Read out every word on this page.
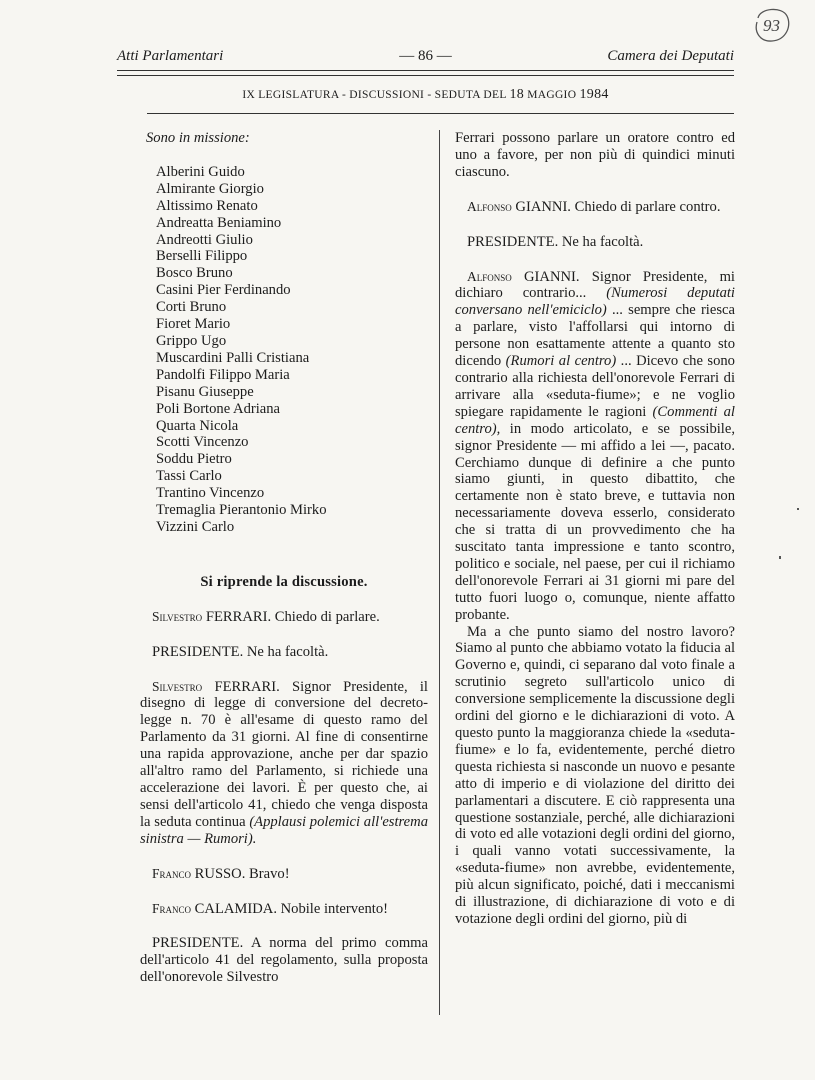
93
Atti Parlamentari	— 86 —	Camera dei Deputati
IX LEGISLATURA - DISCUSSIONI - SEDUTA DEL 18 MAGGIO 1984

Sono in missione:

Alberini Guido
Almirante Giorgio
Altissimo Renato
Andreatta Beniamino
Andreotti Giulio
Berselli Filippo
Bosco Bruno
Casini Pier Ferdinando
Corti Bruno
Fioret Mario
Grippo Ugo
Muscardini Palli Cristiana
Pandolfi Filippo Maria
Pisanu Giuseppe
Poli Bortone Adriana
Quarta Nicola
Scotti Vincenzo
Soddu Pietro
Tassi Carlo
Trantino Vincenzo
Tremaglia Pierantonio Mirko
Vizzini Carlo

Si riprende la discussione.

Silvestro FERRARI. Chiedo di parlare.

PRESIDENTE. Ne ha facoltà.

Silvestro FERRARI. Signor Presidente, il disegno di legge di conversione del decreto-legge n. 70 è all'esame di questo ramo del Parlamento da 31 giorni. Al fine di consentirne una rapida approvazione, anche per dar spazio all'altro ramo del Parlamento, si richiede una accelerazione dei lavori. È per questo che, ai sensi dell'articolo 41, chiedo che venga disposta la seduta continua (Applausi polemici all'estrema sinistra — Rumori).

Franco RUSSO. Bravo!

Franco CALAMIDA. Nobile intervento!

PRESIDENTE. A norma del primo comma dell'articolo 41 del regolamento, sulla proposta dell'onorevole Silvestro

Ferrari possono parlare un oratore contro ed uno a favore, per non più di quindici minuti ciascuno.

Alfonso GIANNI. Chiedo di parlare contro.

PRESIDENTE. Ne ha facoltà.

Alfonso GIANNI. Signor Presidente, mi dichiaro contrario... (Numerosi deputati conversano nell'emiciclo) ... sempre che riesca a parlare, visto l'affollarsi qui intorno di persone non esattamente attente a quanto sto dicendo (Rumori al centro) ... Dicevo che sono contrario alla richiesta dell'onorevole Ferrari di arrivare alla «seduta-fiume»; e ne voglio spiegare rapidamente le ragioni (Commenti al centro), in modo articolato, e se possibile, signor Presidente — mi affido a lei —, pacato. Cerchiamo dunque di definire a che punto siamo giunti, in questo dibattito, che certamente non è stato breve, e tuttavia non necessariamente doveva esserlo, considerato che si tratta di un provvedimento che ha suscitato tanta impressione e tanto scontro, politico e sociale, nel paese, per cui il richiamo dell'onorevole Ferrari ai 31 giorni mi pare del tutto fuori luogo o, comunque, niente affatto probante.

Ma a che punto siamo del nostro lavoro? Siamo al punto che abbiamo votato la fiducia al Governo e, quindi, ci separano dal voto finale a scrutinio segreto sull'articolo unico di conversione semplicemente la discussione degli ordini del giorno e le dichiarazioni di voto. A questo punto la maggioranza chiede la «seduta-fiume» e lo fa, evidentemente, perché dietro questa richiesta si nasconde un nuovo e pesante atto di imperio e di violazione del diritto dei parlamentari a discutere. E ciò rappresenta una questione sostanziale, perché, alle dichiarazioni di voto ed alle votazioni degli ordini del giorno, i quali vanno votati successivamente, la «seduta-fiume» non avrebbe, evidentemente, più alcun significato, poiché, dati i meccanismi di illustrazione, di dichiarazione di voto e di votazione degli ordini del giorno, più di
